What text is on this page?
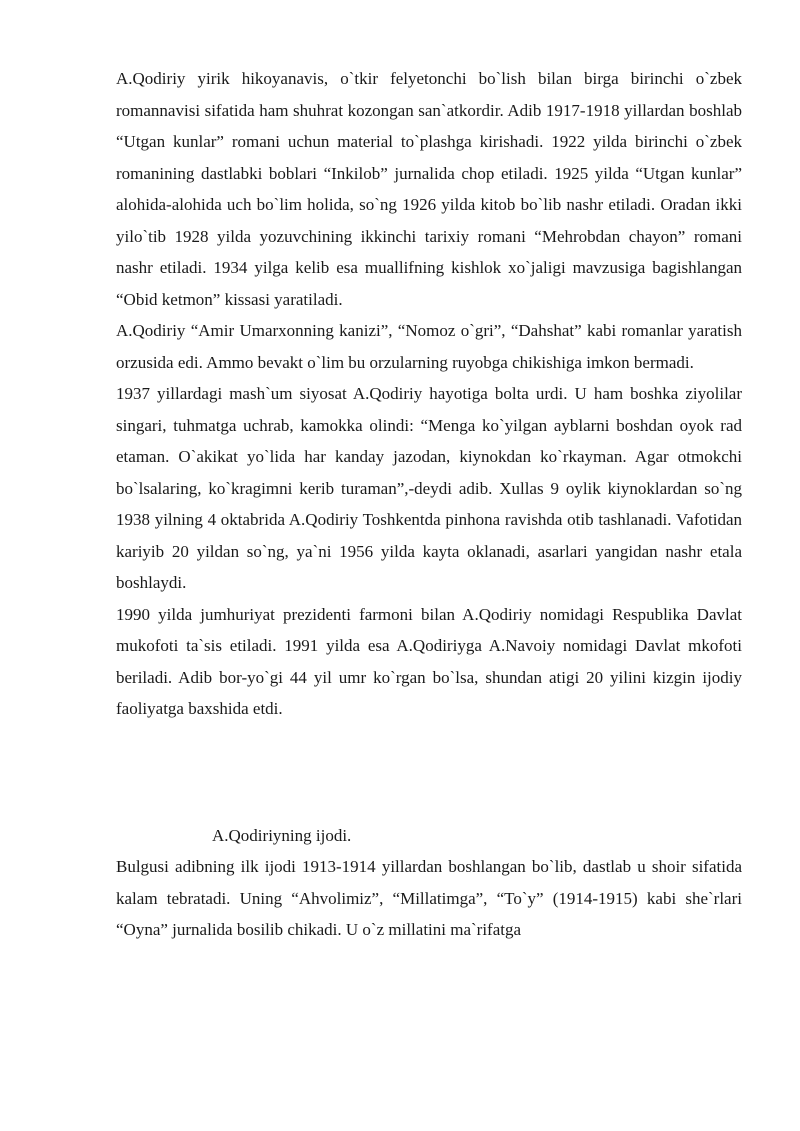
A.Qodiriy yirik hikoyanavis, o`tkir felyetonchi bo`lish bilan birga birinchi o`zbek romannavisi sifatida ham shuhrat kozongan san`atkordir. Adib 1917-1918 yillardan boshlab “Utgan kunlar” romani uchun material to`plashga kirishadi. 1922 yilda birinchi o`zbek romanining dastlabki boblari “Inkilob” jurnalida chop etiladi. 1925 yilda “Utgan kunlar” alohida-alohida uch bo`lim holida, so`ng 1926 yilda kitob bo`lib nashr etiladi. Oradan ikki yilo`tib 1928 yilda yozuvchining ikkinchi tarixiy romani “Mehrobdan chayon” romani nashr etiladi. 1934 yilga kelib esa muallifning kishlok xo`jaligi mavzusiga bagishlangan “Obid ketmon” kissasi yaratiladi.

A.Qodiriy “Amir Umarxonning kanizi”, “Nomoz o`gri”, “Dahshat” kabi romanlar yaratish orzusida edi. Ammo bevakt o`lim bu orzularning ruyobga chikishiga imkon bermadi.

1937 yillardagi mash`um siyosat A.Qodiriy hayotiga bolta urdi. U ham boshka ziyolilar singari, tuhmatga uchrab, kamokka olindi: “Menga ko`yilgan ayblarni boshdan oyok rad etaman. O`akikat yo`lida har kanday jazodan, kiynokdan ko`rkayman. Agar otmokchi bo`lsalaring, ko`kragimni kerib turaman”,-deydi adib. Xullas 9 oylik kiynoklardan so`ng 1938 yilning 4 oktabrida A.Qodiriy Toshkentda pinhona ravishda otib tashlanadi. Vafotidan kariyib 20 yildan so`ng, ya`ni 1956 yilda kayta oklanadi, asarlari yangidan nashr etala boshlaydi.

1990 yilda jumhuriyat prezidenti farmoni bilan A.Qodiriy nomidagi Respublika Davlat mukofoti ta`sis etiladi. 1991 yilda esa A.Qodiriyga A.Navoiy nomidagi Davlat mkofoti beriladi. Adib bor-yo`gi 44 yil umr ko`rgan bo`lsa, shundan atigi 20 yilini kizgin ijodiy faoliyatga baxshida etdi.

A.Qodiriyning ijodi.

Bulgusi adibning ilk ijodi 1913-1914 yillardan boshlangan bo`lib, dastlab u shoir sifatida kalam tebratadi. Uning “Ahvolimiz”, “Millatimga”, “To`y” (1914-1915) kabi she`rlari “Oyna” jurnalida bosilib chikadi. U o`z millatini ma`rifatga
